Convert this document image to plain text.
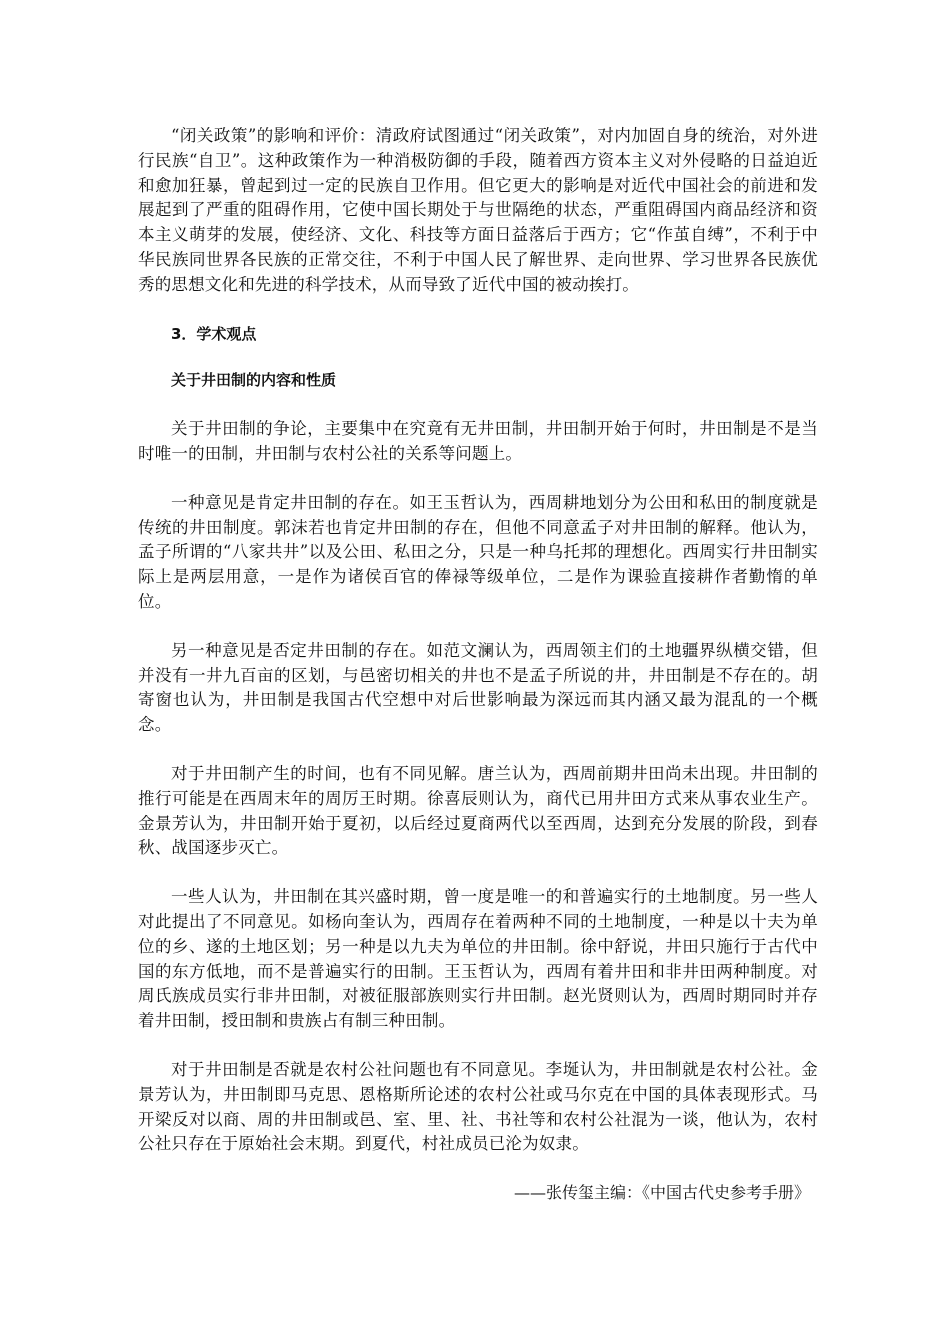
“闭关政策”的影响和评价：清政府试图通过“闭关政策”，对内加固自身的统治，对外进行民族“自卫”。这种政策作为一种消极防御的手段，随着西方资本主义对外侵略的日益迫近和愈加狂暴，曾起到过一定的民族自卫作用。但它更大的影响是对近代中国社会的前进和发展起到了严重的阻碍作用，它使中国长期处于与世隔绝的状态，严重阻碍国内商品经济和资本主义萌芽的发展，使经济、文化、科技等方面日益落后于西方；它“作茧自缚”，不利于中华民族同世界各民族的正常交往，不利于中国人民了解世界、走向世界、学习世界各民族优秀的思想文化和先进的科学技术，从而导致了近代中国的被动挨打。

3．学术观点

关于井田制的内容和性质

关于井田制的争论，主要集中在究竟有无井田制，井田制开始于何时，井田制是不是当时唯一的田制，井田制与农村公社的关系等问题上。

一种意见是肯定井田制的存在。如王玉哲认为，西周耕地划分为公田和私田的制度就是传统的井田制度。郭沫若也肯定井田制的存在，但他不同意孟子对井田制的解释。他认为，孟子所谓的“八家共井”以及公田、私田之分，只是一种乌托邦的理想化。西周实行井田制实际上是两层用意，一是作为诸侯百官的俸禄等级单位，二是作为课验直接耕作者勤惰的单位。

另一种意见是否定井田制的存在。如范文澜认为，西周领主们的土地疆界纵横交错，但并没有一井九百亩的区划，与邑密切相关的井也不是孟子所说的井，井田制是不存在的。胡寄窗也认为，井田制是我国古代空想中对后世影响最为深远而其内涵又最为混乱的一个概念。

对于井田制产生的时间，也有不同见解。唐兰认为，西周前期井田尚未出现。井田制的推行可能是在西周末年的周厉王时期。徐喜辰则认为，商代已用井田方式来从事农业生产。金景芳认为，井田制开始于夏初，以后经过夏商两代以至西周，达到充分发展的阶段，到春秋、战国逐步灭亡。

一些人认为，井田制在其兴盛时期，曾一度是唯一的和普遍实行的土地制度。另一些人对此提出了不同意见。如杨向奎认为，西周存在着两种不同的土地制度，一种是以十夫为单位的乡、遂的土地区划；另一种是以九夫为单位的井田制。徐中舒说，井田只施行于古代中国的东方低地，而不是普遍实行的田制。王玉哲认为，西周有着井田和非井田两种制度。对周氏族成员实行非井田制，对被征服部族则实行井田制。赵光贤则认为，西周时期同时并存着井田制，授田制和贵族占有制三种田制。

对于井田制是否就是农村公社问题也有不同意见。李埏认为，井田制就是农村公社。金景芳认为，井田制即马克思、恩格斯所论述的农村公社或马尔克在中国的具体表现形式。马开梁反对以商、周的井田制或邑、室、里、社、书社等和农村公社混为一谈，他认为，农村公社只存在于原始社会末期。到夏代，村社成员已沦为奴隶。

——张传玺主编：《中国古代史参考手册》
